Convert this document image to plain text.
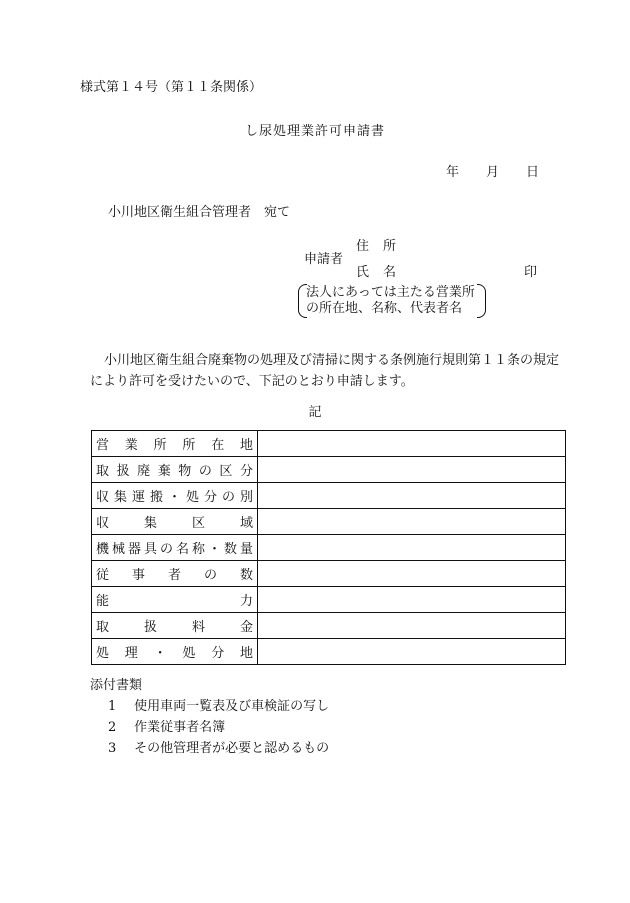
様式第１４号（第１１条関係）
し尿処理業許可申請書
年 月 日
小川地区衛生組合管理者　宛て
申請者
住 所
氏 名	印
法人にあっては主たる営業所
の所在地、名称、代表者名
小川地区衛生組合廃棄物の処理及び清掃に関する条例施行規則第１１条の規定
により許可を受けたいので、下記のとおり申請します。
記
営業所所在地	

取扱廃棄物の区分	

収集運搬・処分の別	

収集区域	

機械器具の名称・数量	

従事者の数	

能力	

取扱料金	

処理・処分地	

添付書類
1 使用車両一覧表及び車検証の写し
2 作業従事者名簿
3 その他管理者が必要と認めるもの
